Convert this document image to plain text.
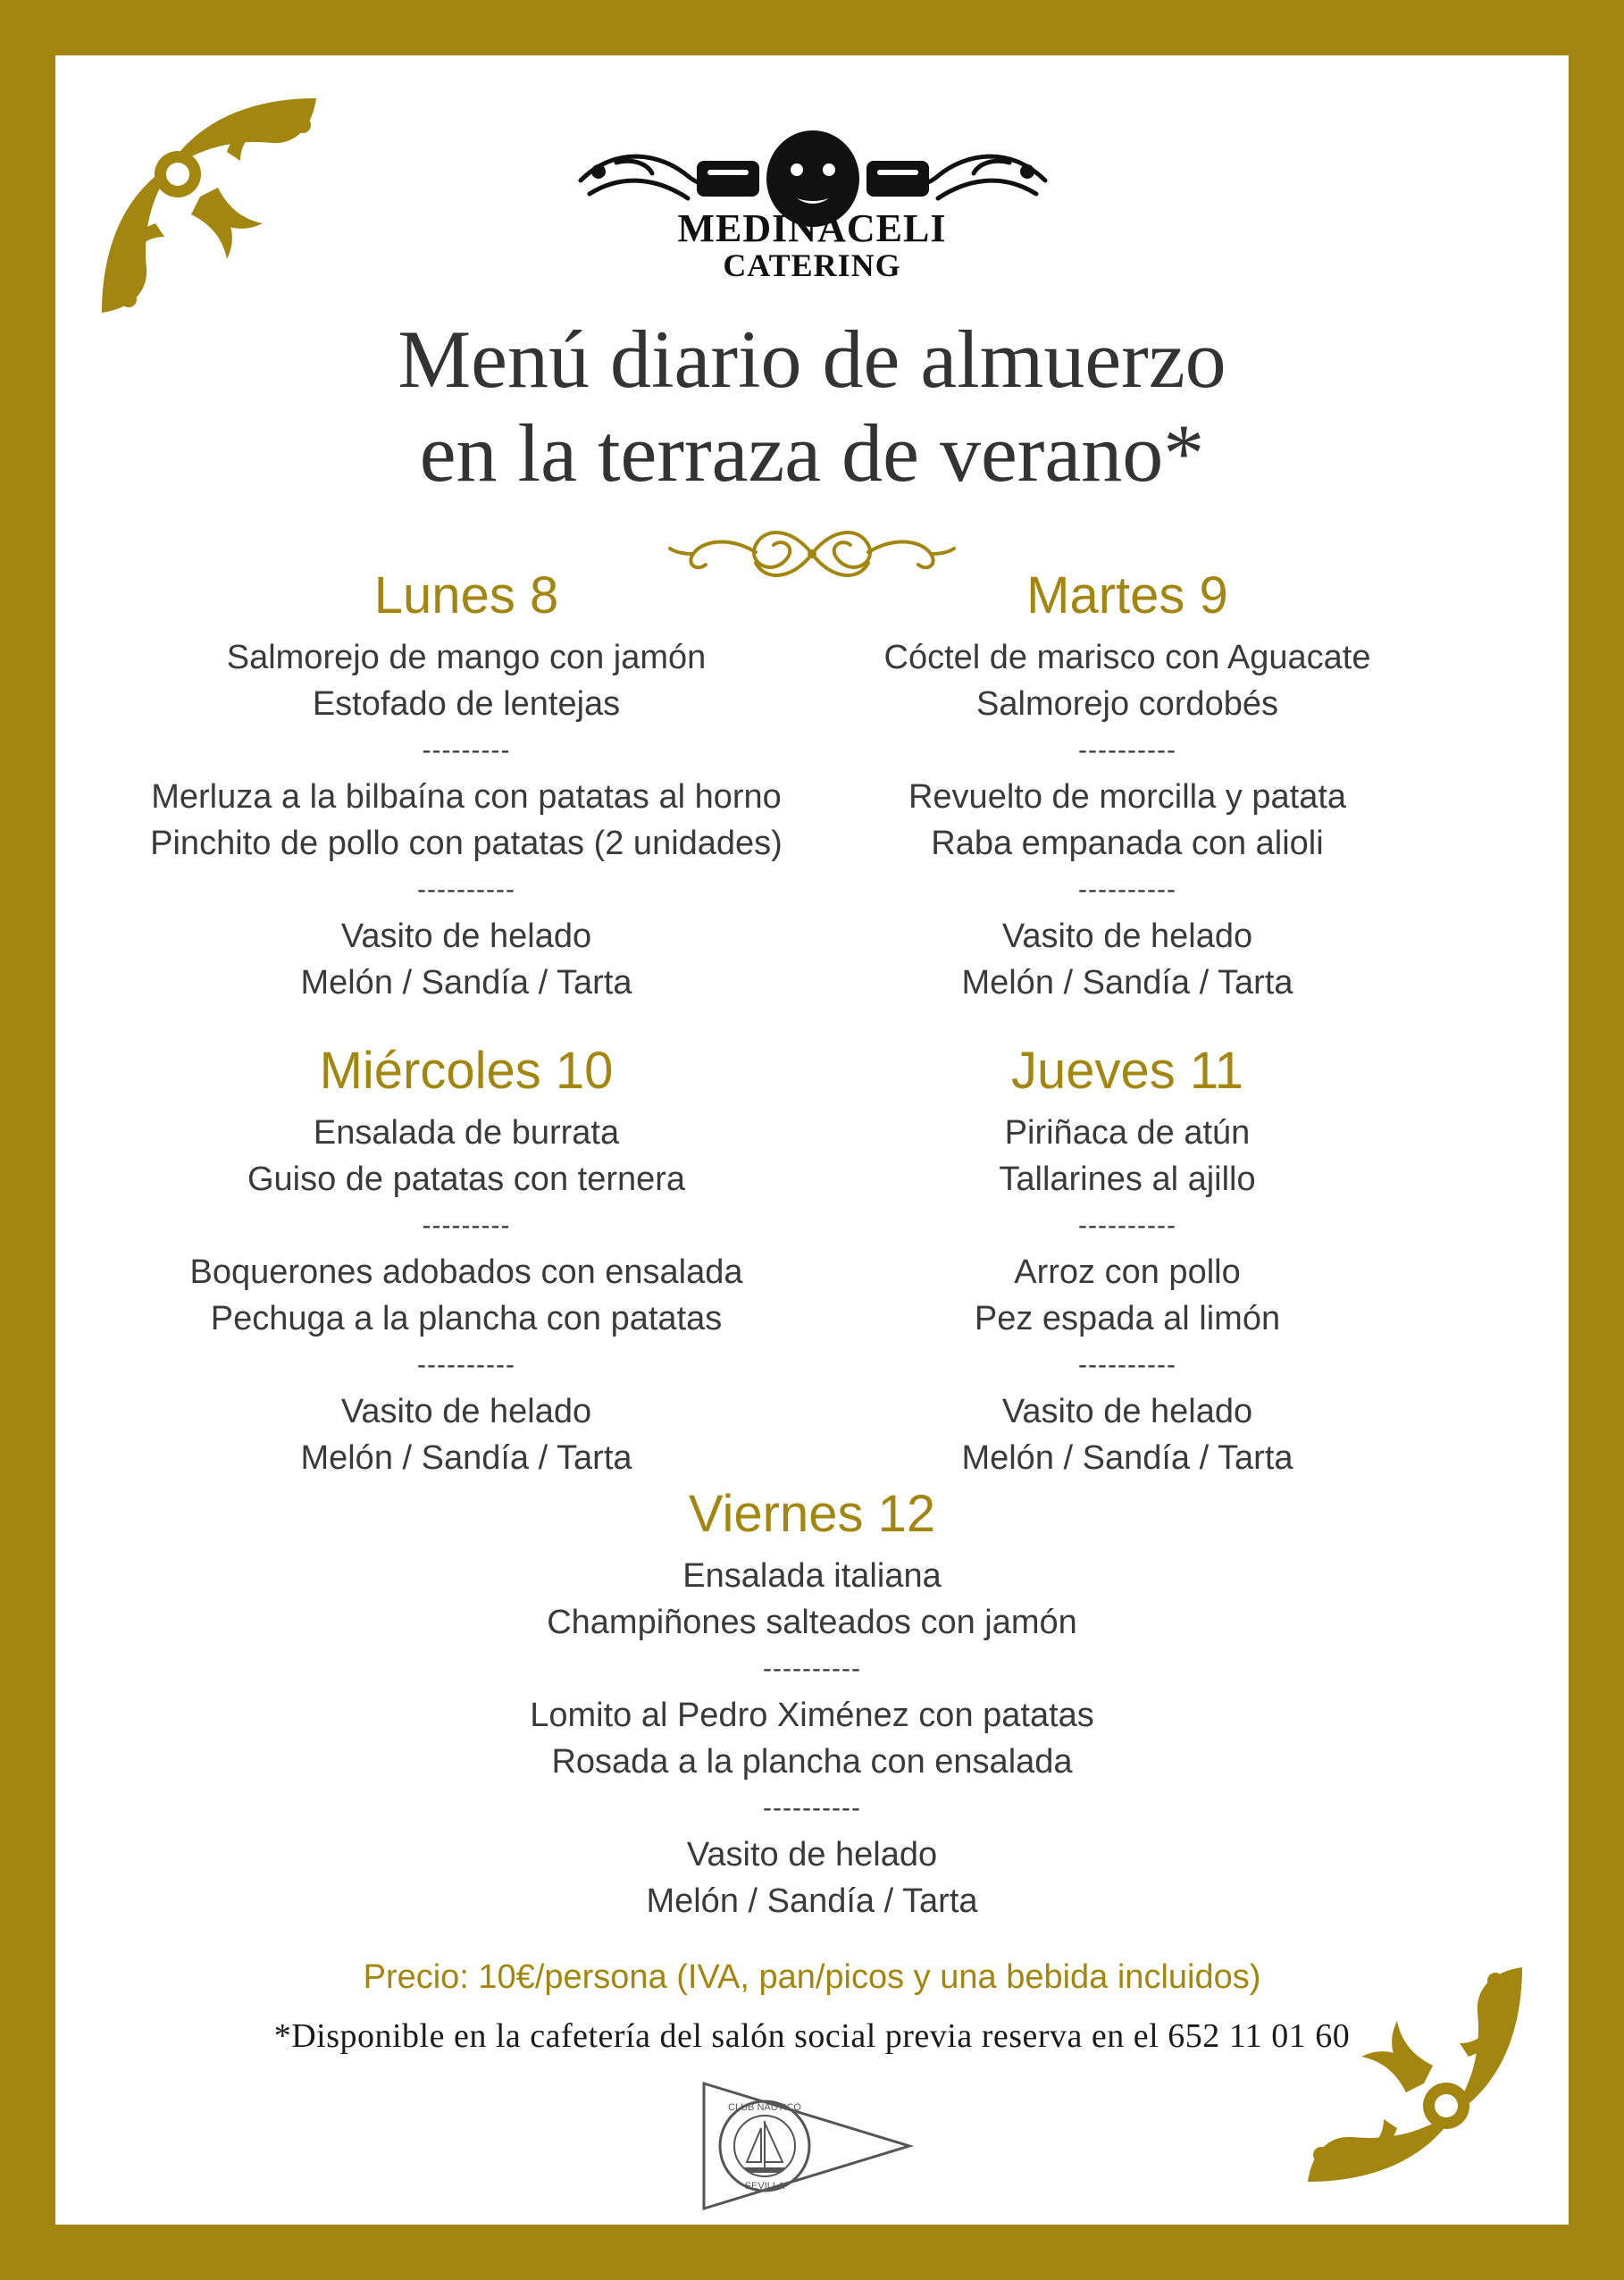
MEDINACELI
CATERING
Menú diario de almuerzo
en la terraza de verano*
Lunes 8
Salmorejo de mango con jamón
Estofado de lentejas
---------
Merluza a la bilbaína con patatas al horno
Pinchito de pollo con patatas (2 unidades)
----------
Vasito de helado
Melón / Sandía / Tarta
Martes 9
Cóctel de marisco con Aguacate
Salmorejo cordobés
----------
Revuelto de morcilla y patata
Raba empanada con alioli
----------
Vasito de helado
Melón / Sandía / Tarta
Miércoles 10
Ensalada de burrata
Guiso de patatas con ternera
---------
Boquerones adobados con ensalada
Pechuga a la plancha con patatas
----------
Vasito de helado
Melón / Sandía / Tarta
Jueves 11
Piriñaca de atún
Tallarines al ajillo
----------
Arroz con pollo
Pez espada al limón
----------
Vasito de helado
Melón / Sandía / Tarta
Viernes 12
Ensalada italiana
Champiñones salteados con jamón
----------
Lomito al Pedro Ximénez con patatas
Rosada a la plancha con ensalada
----------
Vasito de helado
Melón / Sandía / Tarta
Precio: 10€/persona (IVA, pan/picos y una bebida incluidos)
*Disponible en la cafetería del salón social previa reserva en el 652 11 01 60
CLUB NAUTICO
SEVILLA
